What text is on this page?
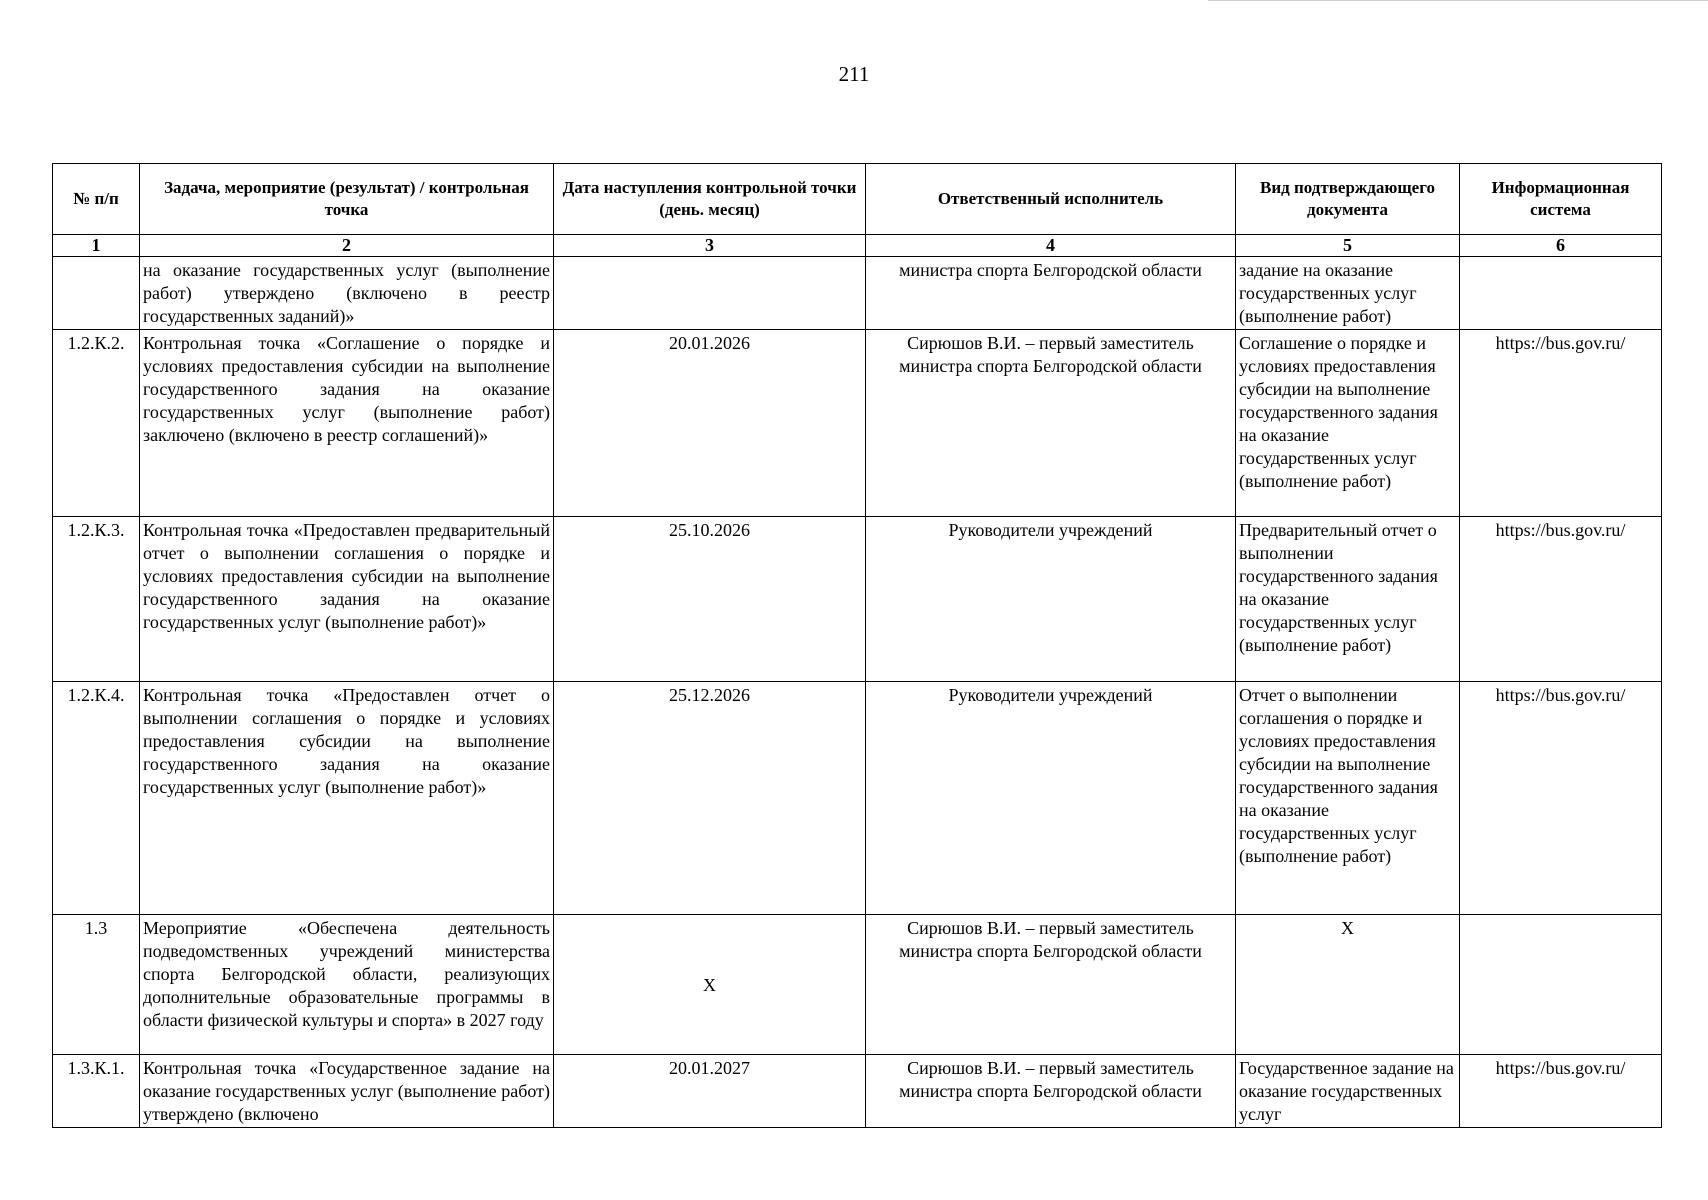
211
№ п/п	Задача, мероприятие (результат) / контрольная точка	Дата наступления контрольной точки (день. месяц)	Ответственный исполнитель	Вид подтверждающего документа	Информационная система
1	2	3	4	5	6
	на оказание государственных услуг (выполнение работ) утверждено (включено в реестр государственных заданий)»		министра спорта Белгородской области	задание на оказание государственных услуг (выполнение работ)	
1.2.К.2.	Контрольная точка «Соглашение о порядке и условиях предоставления субсидии на выполнение государственного задания на оказание государственных услуг (выполнение работ) заключено (включено в реестр соглашений)»	20.01.2026	Сирюшов В.И. – первый заместитель министра спорта Белгородской области	Соглашение о порядке и условиях предоставления субсидии на выполнение государственного задания на оказание государственных услуг (выполнение работ)	https://bus.gov.ru/
1.2.К.3.	Контрольная точка «Предоставлен предварительный отчет о выполнении соглашения о порядке и условиях предоставления субсидии на выполнение государственного задания на оказание государственных услуг (выполнение работ)»	25.10.2026	Руководители учреждений	Предварительный отчет о выполнении государственного задания на оказание государственных услуг (выполнение работ)	https://bus.gov.ru/
1.2.К.4.	Контрольная точка «Предоставлен отчет о выполнении соглашения о порядке и условиях предоставления субсидии на выполнение государственного задания на оказание государственных услуг (выполнение работ)»	25.12.2026	Руководители учреждений	Отчет о выполнении соглашения о порядке и условиях предоставления субсидии на выполнение государственного задания на оказание государственных услуг (выполнение работ)	https://bus.gov.ru/
1.3	Мероприятие «Обеспечена деятельность подведомственных учреждений министерства спорта Белгородской области, реализующих дополнительные образовательные программы в области физической культуры и спорта» в 2027 году	Х	Сирюшов В.И. – первый заместитель министра спорта Белгородской области	Х	
1.3.К.1.	Контрольная точка «Государственное задание на оказание государственных услуг (выполнение работ) утверждено (включено	20.01.2027	Сирюшов В.И. – первый заместитель министра спорта Белгородской области	Государственное задание на оказание государственных услуг	https://bus.gov.ru/
